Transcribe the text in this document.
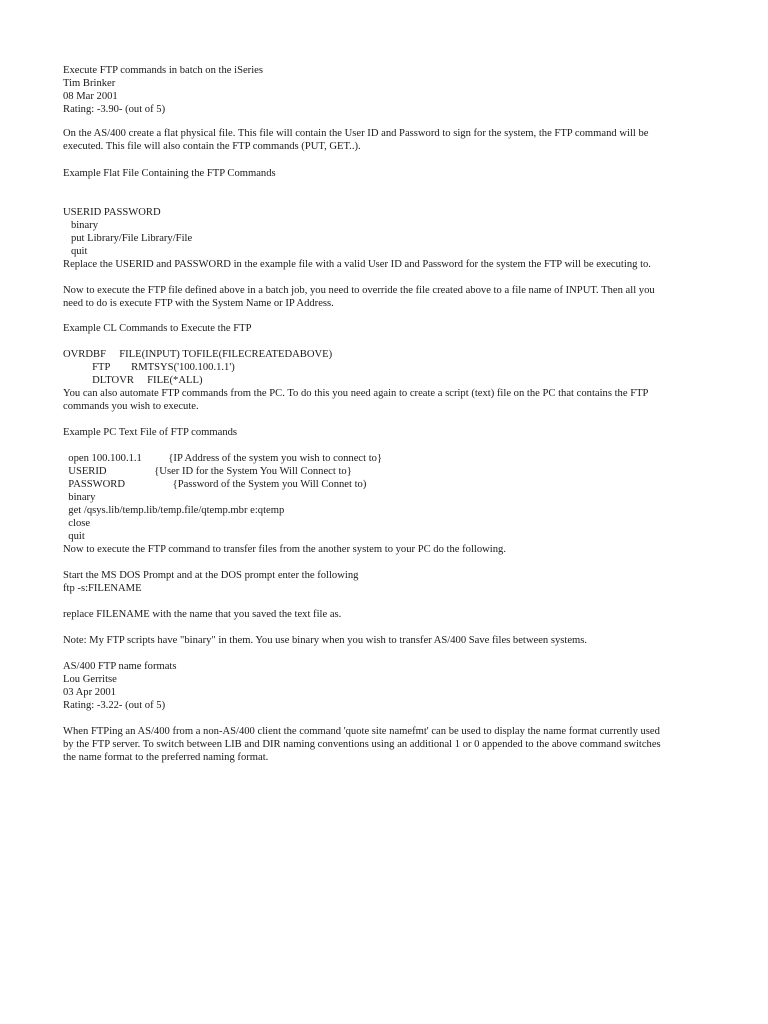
Execute FTP commands in batch on the iSeries
Tim Brinker
08 Mar 2001
Rating: -3.90- (out of 5)
On the AS/400 create a flat physical file. This file will contain the User ID and Password to sign for the system, the FTP command will be
executed. This file will also contain the FTP commands (PUT, GET..).
Example Flat File Containing the FTP Commands
USERID PASSWORD
binary
put Library/File Library/File
quit
Replace the USERID and PASSWORD in the example file with a valid User ID and Password for the system the FTP will be executing to.
Now to execute the FTP file defined above in a batch job, you need to override the file created above to a file name of INPUT. Then all you
need to do is execute FTP with the System Name or IP Address.
Example CL Commands to Execute the FTP
OVRDBF     FILE(INPUT) TOFILE(FILECREATEDABOVE)
FTP        RMTSYS('100.100.1.1')
DLTOVR     FILE(*ALL)
You can also automate FTP commands from the PC. To do this you need again to create a script (text) file on the PC that contains the FTP
commands you wish to execute.
Example PC Text File of FTP commands
open 100.100.1.1          {IP Address of the system you wish to connect to}
USERID                  {User ID for the System You Will Connect to}
PASSWORD                  {Password of the System you Will Connet to)
binary
get /qsys.lib/temp.lib/temp.file/qtemp.mbr e:qtemp
close
quit
Now to execute the FTP command to transfer files from the another system to your PC do the following.
Start the MS DOS Prompt and at the DOS prompt enter the following
ftp -s:FILENAME
replace FILENAME with the name that you saved the text file as.
Note: My FTP scripts have "binary" in them. You use binary when you wish to transfer AS/400 Save files between systems.
AS/400 FTP name formats
Lou Gerritse
03 Apr 2001
Rating: -3.22- (out of 5)
When FTPing an AS/400 from a non-AS/400 client the command 'quote site namefmt' can be used to display the name format currently used
by the FTP server. To switch between LIB and DIR naming conventions using an additional 1 or 0 appended to the above command switches
the name format to the preferred naming format.
